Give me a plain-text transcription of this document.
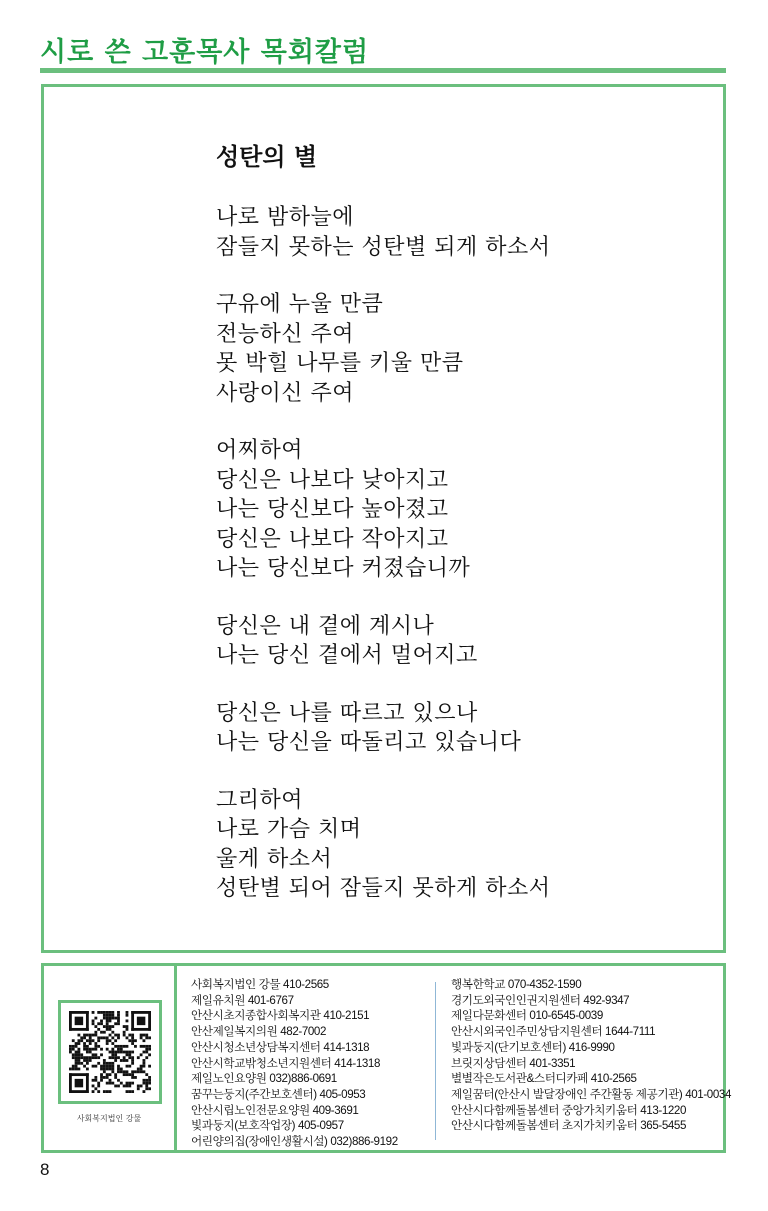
시로 쓴 고훈목사 목회칼럼
성탄의 별
나로 밤하늘에
잠들지 못하는 성탄별 되게 하소서
구유에 누울 만큼
전능하신 주여
못 박힐 나무를 키울 만큼
사랑이신 주여
어찌하여
당신은 나보다 낮아지고
나는 당신보다 높아졌고
당신은 나보다 작아지고
나는 당신보다 커졌습니까
당신은 내 곁에 계시나
나는 당신 곁에서 멀어지고
당신은 나를 따르고 있으나
나는 당신을 따돌리고 있습니다
그리하여
나로 가슴 치며
울게 하소서
성탄별 되어 잠들지 못하게 하소서
사회복지법인 강물
사회복지법인 강물 410-2565
제일유치원 401-6767
안산시초지종합사회복지관 410-2151
안산제일복지의원 482-7002
안산시청소년상담복지센터 414-1318
안산시학교밖청소년지원센터 414-1318
제일노인요양원 032)886-0691
꿈꾸는둥지(주간보호센터) 405-0953
안산시립노인전문요양원 409-3691
빛과둥지(보호작업장) 405-0957
어린양의집(장애인생활시설) 032)886-9192
행복한학교 070-4352-1590
경기도외국인인권지원센터 492-9347
제일다문화센터 010-6545-0039
안산시외국인주민상담지원센터 1644-7111
빛과둥지(단기보호센터) 416-9990
브릿지상담센터 401-3351
별별작은도서관&스터디카페 410-2565
제일꿈터(안산시 발달장애인 주간활동 제공기관) 401-0034
안산시다함께돌봄센터 중앙가치키움터 413-1220
안산시다함께돌봄센터 초지가치키움터 365-5455
8
